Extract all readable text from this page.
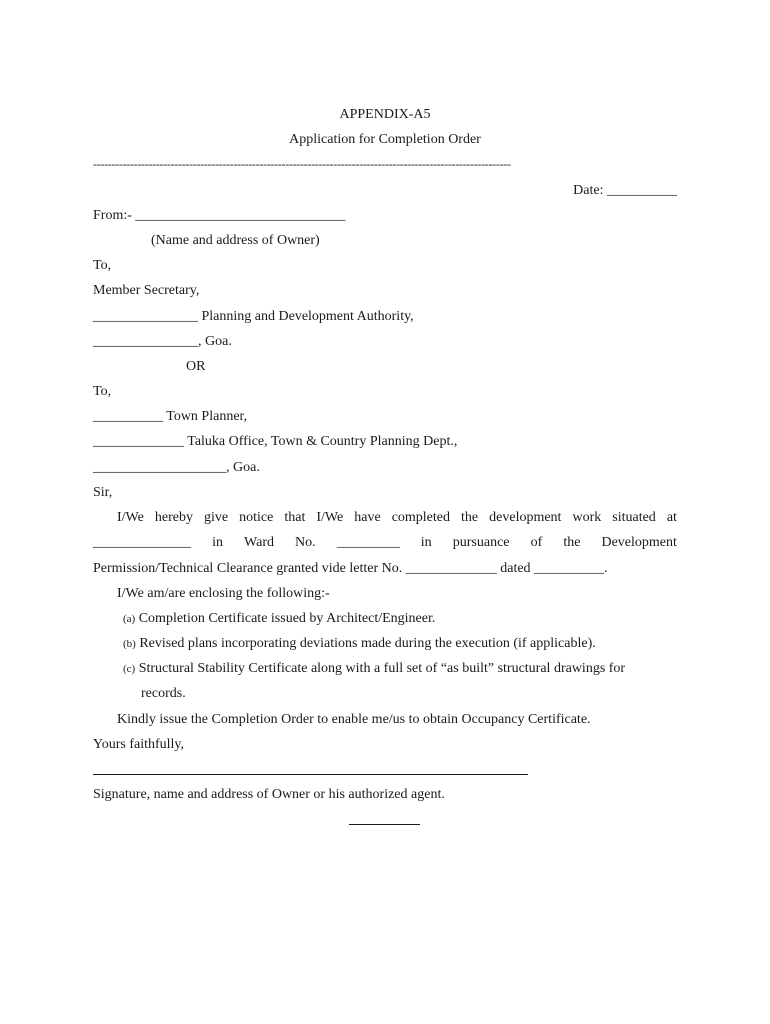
APPENDIX-A5
Application for Completion Order
-----------------------------------------------------------------------------------------------------------------
Date: __________
From:- ______________________________
(Name and address of Owner)
To,
Member Secretary,
_______________ Planning and Development Authority,
_______________, Goa.
OR
To,
__________ Town Planner,
_____________ Taluka Office, Town & Country Planning Dept.,
___________________, Goa.
Sir,
I/We hereby give notice that I/We have completed the development work situated at
______________ in Ward No. _________ in pursuance of the Development
Permission/Technical Clearance granted vide letter No. _____________ dated __________.
I/We am/are enclosing the following:-
(a) Completion Certificate issued by Architect/Engineer.
(b) Revised plans incorporating deviations made during the execution (if applicable).
(c) Structural Stability Certificate along with a full set of “as built” structural drawings for
records.
Kindly issue the Completion Order to enable me/us to obtain Occupancy Certificate.
Yours faithfully,
Signature, name and address of Owner or his authorized agent.
